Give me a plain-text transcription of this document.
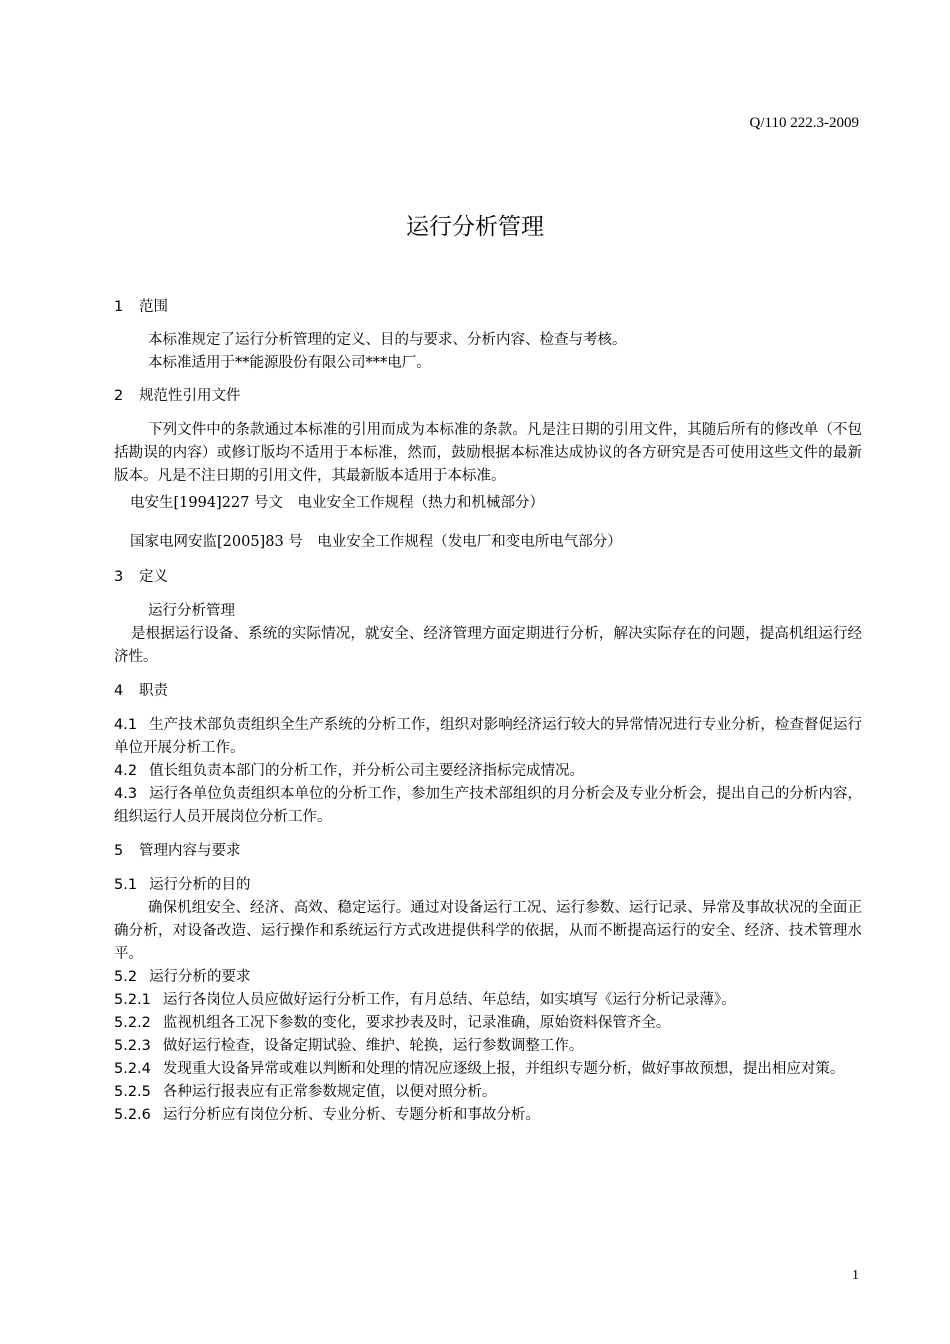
Q/110 222.3-2009
运行分析管理

1 范围

本标准规定了运行分析管理的定义、目的与要求、分析内容、检查与考核。

本标准适用于**能源股份有限公司***电厂。

2 规范性引用文件

下列文件中的条款通过本标准的引用而成为本标准的条款。凡是注日期的引用文件，其随后所有的修改单（不包括勘误的内容）或修订版均不适用于本标准，然而，鼓励根据本标准达成协议的各方研究是否可使用这些文件的最新版本。凡是不注日期的引用文件，其最新版本适用于本标准。

电安生[1994]227 号文　电业安全工作规程（热力和机械部分）

国家电网安监[2005]83 号　电业安全工作规程（发电厂和变电所电气部分）

3 定义

运行分析管理

是根据运行设备、系统的实际情况，就安全、经济管理方面定期进行分析，解决实际存在的问题，提高机组运行经济性。

4 职责

4.1 生产技术部负责组织全生产系统的分析工作，组织对影响经济运行较大的异常情况进行专业分析，检查督促运行单位开展分析工作。

4.2 值长组负责本部门的分析工作，并分析公司主要经济指标完成情况。

4.3 运行各单位负责组织本单位的分析工作，参加生产技术部组织的月分析会及专业分析会，提出自己的分析内容，组织运行人员开展岗位分析工作。

5 管理内容与要求

5.1 运行分析的目的

确保机组安全、经济、高效、稳定运行。通过对设备运行工况、运行参数、运行记录、异常及事故状况的全面正确分析，对设备改造、运行操作和系统运行方式改进提供科学的依据，从而不断提高运行的安全、经济、技术管理水平。

5.2 运行分析的要求

5.2.1 运行各岗位人员应做好运行分析工作，有月总结、年总结，如实填写《运行分析记录薄》。

5.2.2 监视机组各工况下参数的变化，要求抄表及时，记录准确，原始资料保管齐全。

5.2.3 做好运行检查，设备定期试验、维护、轮换，运行参数调整工作。

5.2.4 发现重大设备异常或难以判断和处理的情况应逐级上报，并组织专题分析，做好事故预想，提出相应对策。

5.2.5 各种运行报表应有正常参数规定值，以便对照分析。

5.2.6 运行分析应有岗位分析、专业分析、专题分析和事故分析。

1
